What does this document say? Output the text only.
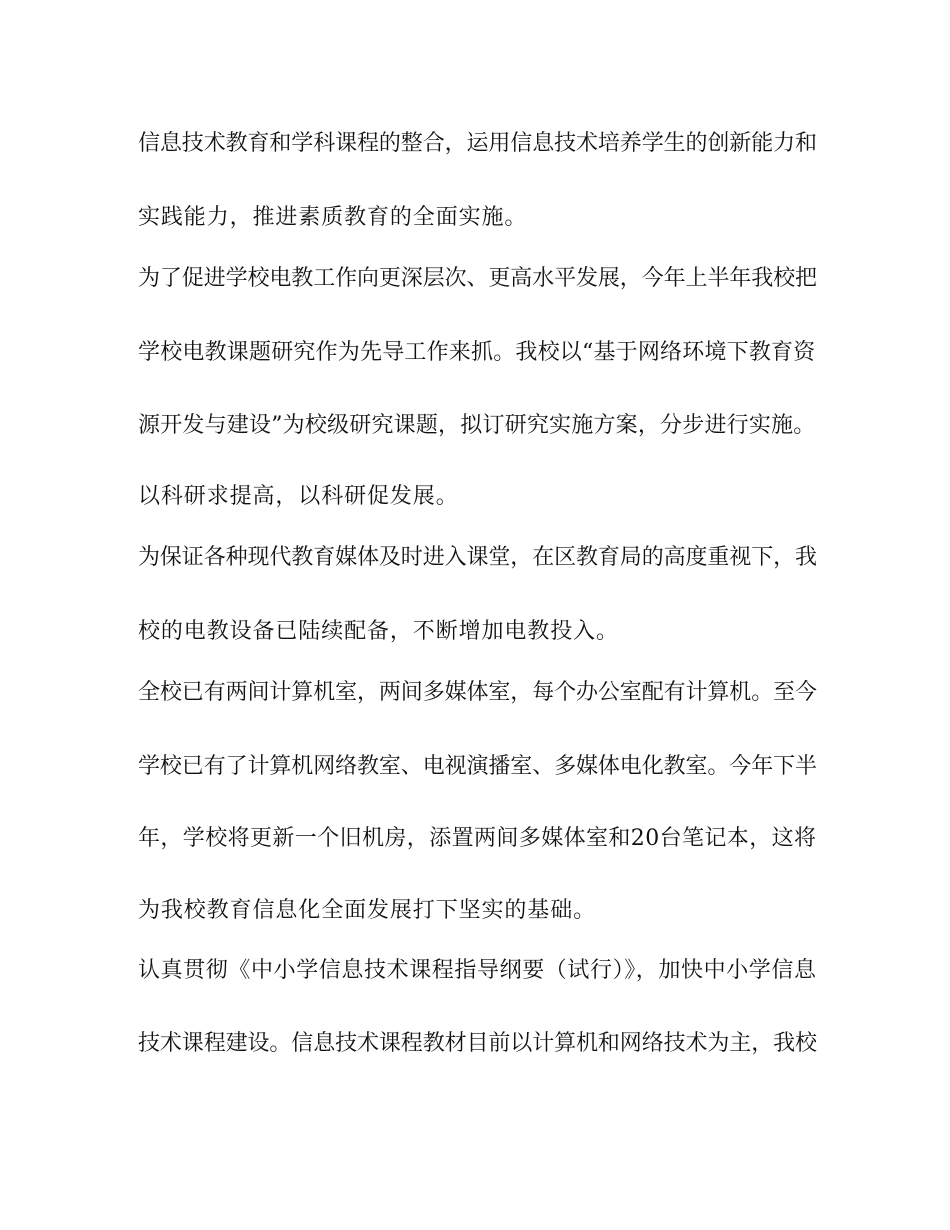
信息技术教育和学科课程的整合，运用信息技术培养学生的创新能力和
实践能力，推进素质教育的全面实施。
为了促进学校电教工作向更深层次、更高水平发展，今年上半年我校把
学校电教课题研究作为先导工作来抓。我校以“基于网络环境下教育资
源开发与建设”为校级研究课题，拟订研究实施方案，分步进行实施。
以科研求提高，以科研促发展。
为保证各种现代教育媒体及时进入课堂，在区教育局的高度重视下，我
校的电教设备已陆续配备，不断增加电教投入。
全校已有两间计算机室，两间多媒体室，每个办公室配有计算机。至今
学校已有了计算机网络教室、电视演播室、多媒体电化教室。今年下半
年，学校将更新一个旧机房，添置两间多媒体室和20台笔记本，这将
为我校教育信息化全面发展打下坚实的基础。
认真贯彻《中小学信息技术课程指导纲要（试行）》，加快中小学信息
技术课程建设。信息技术课程教材目前以计算机和网络技术为主，我校
